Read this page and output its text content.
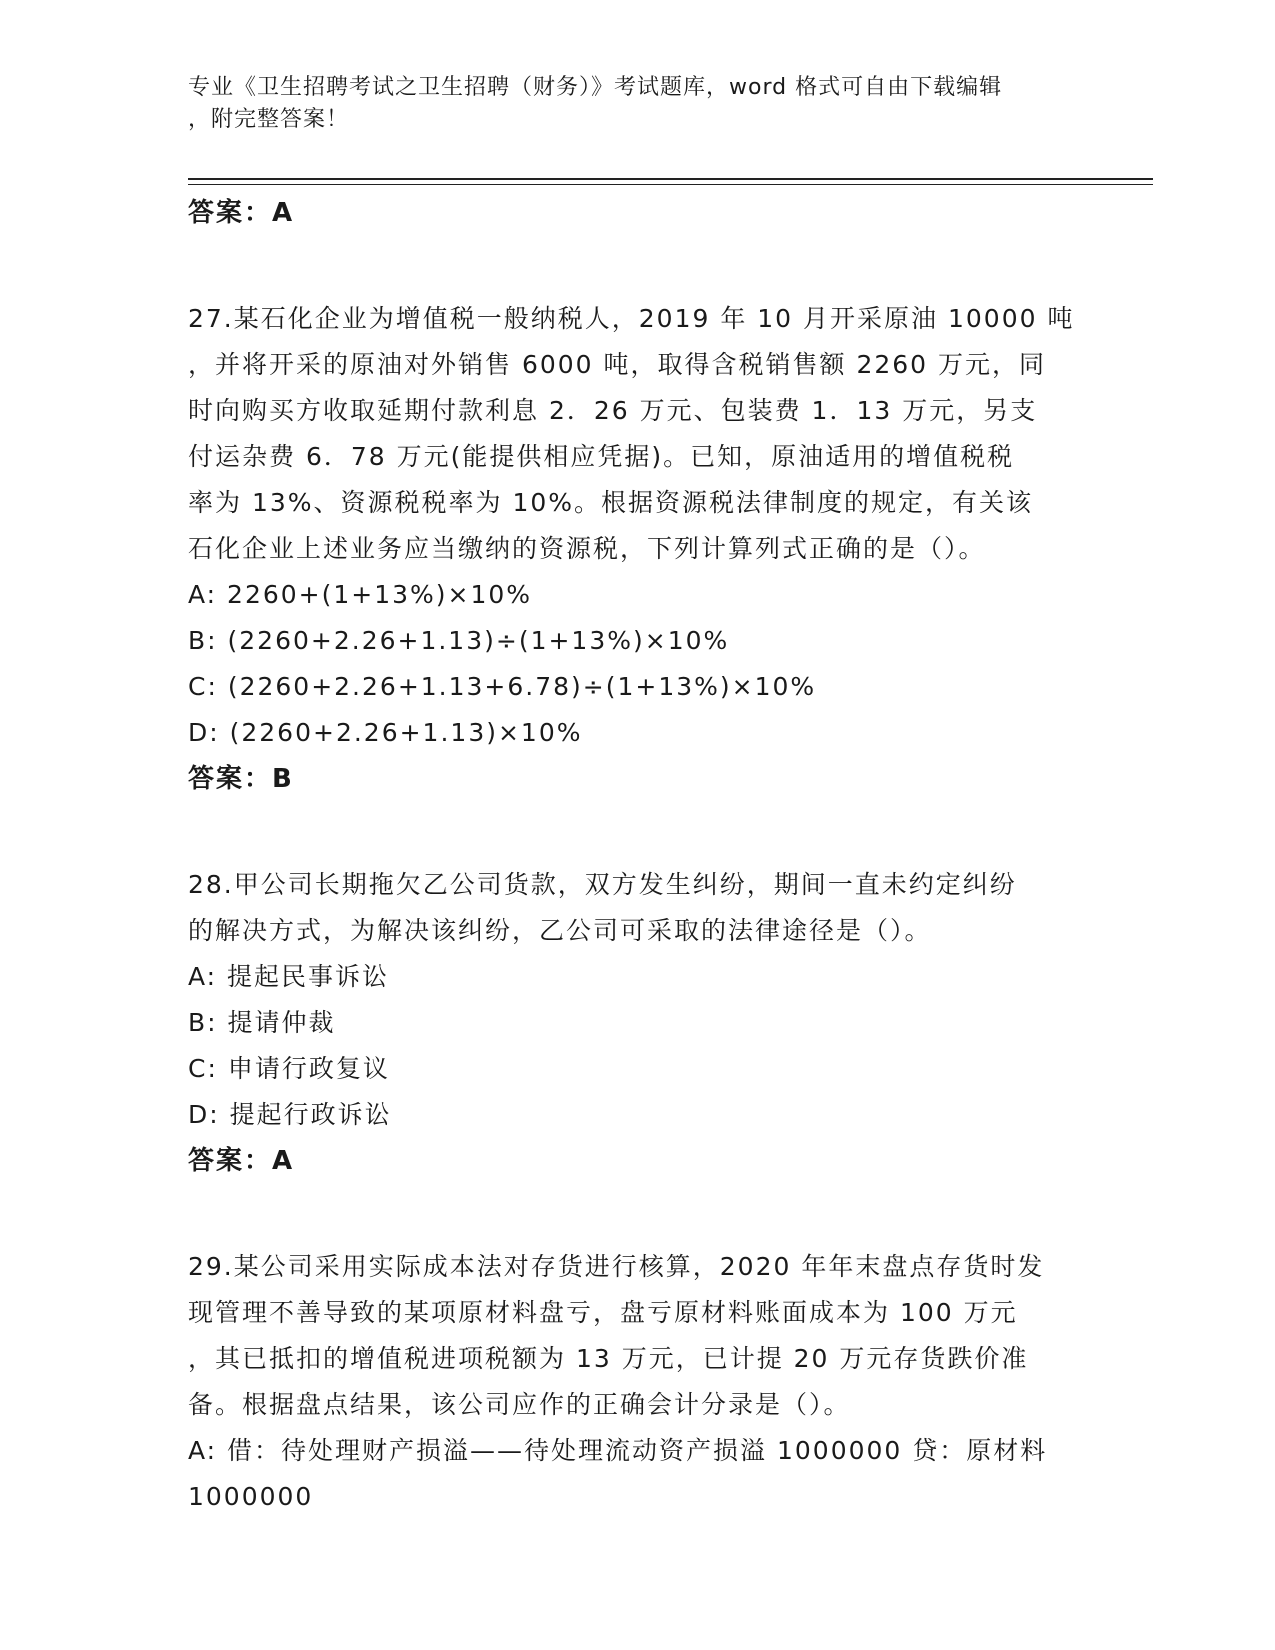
专业《卫生招聘考试之卫生招聘（财务）》考试题库，word 格式可自由下载编辑
，附完整答案！
答案：A
27.某石化企业为增值税一般纳税人，2019 年 10 月开采原油 10000 吨
，并将开采的原油对外销售 6000 吨，取得含税销售额 2260 万元，同
时向购买方收取延期付款利息 2．26 万元、包装费 1．13 万元，另支
付运杂费 6．78 万元(能提供相应凭据)。已知，原油适用的增值税税
率为 13%、资源税税率为 10%。根据资源税法律制度的规定，有关该
石化企业上述业务应当缴纳的资源税，下列计算列式正确的是（）。
A: 2260+(1+13%)×10%
B: (2260+2.26+1.13)÷(1+13%)×10%
C: (2260+2.26+1.13+6.78)÷(1+13%)×10%
D: (2260+2.26+1.13)×10%
答案：B
28.甲公司长期拖欠乙公司货款，双方发生纠纷，期间一直未约定纠纷
的解决方式，为解决该纠纷，乙公司可采取的法律途径是（）。
A: 提起民事诉讼
B: 提请仲裁
C: 申请行政复议
D: 提起行政诉讼
答案：A
29.某公司采用实际成本法对存货进行核算，2020 年年末盘点存货时发
现管理不善导致的某项原材料盘亏，盘亏原材料账面成本为 100 万元
，其已抵扣的增值税进项税额为 13 万元，已计提 20 万元存货跌价准
备。根据盘点结果，该公司应作的正确会计分录是（）。
A: 借：待处理财产损溢——待处理流动资产损溢 1000000 贷：原材料
1000000
